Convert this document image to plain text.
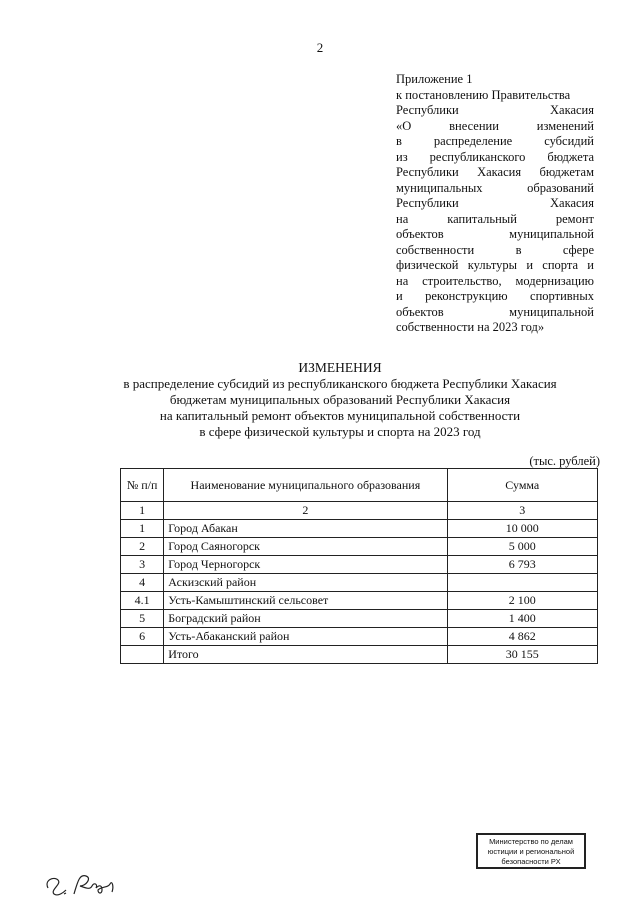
2
Приложение 1
к постановлению Правительства
Республики Хакасия
«О внесении изменений
в распределение субсидий
из республиканского бюджета
Республики Хакасия бюджетам
муниципальных образований
Республики Хакасия
на капитальный ремонт
объектов муниципальной
собственности в сфере
физической культуры и спорта и
на строительство, модернизацию
и реконструкцию спортивных
объектов муниципальной
собственности на 2023 год»
ИЗМЕНЕНИЯ
в распределение субсидий из республиканского бюджета Республики Хакасия
бюджетам муниципальных образований Республики Хакасия
на капитальный ремонт объектов муниципальной собственности
в сфере физической культуры и спорта на 2023 год
(тыс. рублей)
№ п/п	Наименование муниципального образования	Сумма
1	2	3
1	Город Абакан	10 000
2	Город Саяногорск	5 000
3	Город Черногорск	6 793
4	Аскизский район	
4.1	Усть-Камыштинский сельсовет	2 100
5	Боградский район	1 400
6	Усть-Абаканский район	4 862
	Итого	30 155
Министерство по делам
юстиции и региональной
безопасности РХ
